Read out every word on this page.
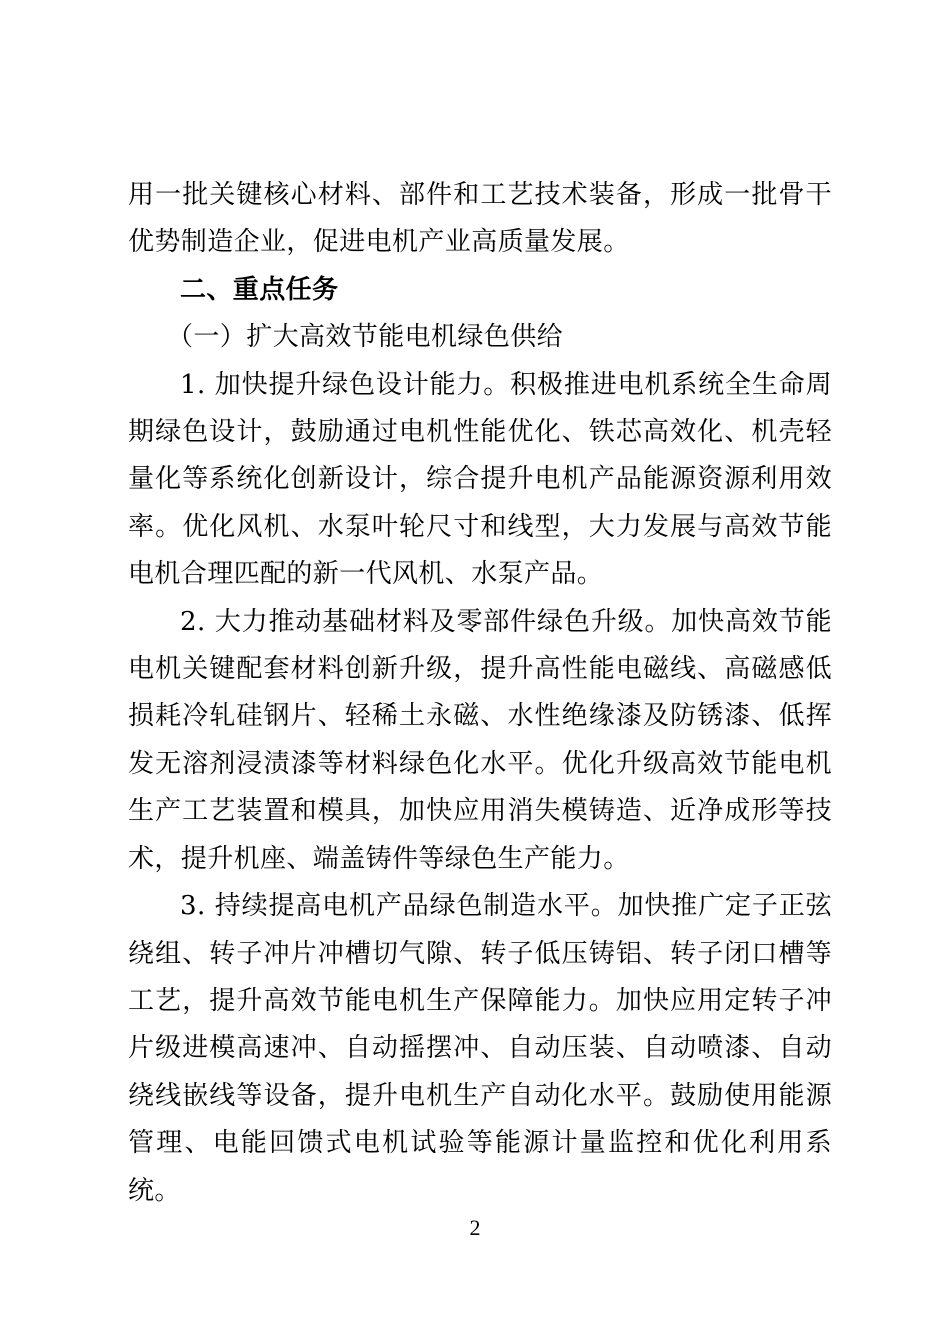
用一批关键核心材料、部件和工艺技术装备，形成一批骨干优势制造企业，促进电机产业高质量发展。

二、重点任务

（一）扩大高效节能电机绿色供给

1. 加快提升绿色设计能力。积极推进电机系统全生命周期绿色设计，鼓励通过电机性能优化、铁芯高效化、机壳轻量化等系统化创新设计，综合提升电机产品能源资源利用效率。优化风机、水泵叶轮尺寸和线型，大力发展与高效节能电机合理匹配的新一代风机、水泵产品。

2. 大力推动基础材料及零部件绿色升级。加快高效节能电机关键配套材料创新升级，提升高性能电磁线、高磁感低损耗冷轧硅钢片、轻稀土永磁、水性绝缘漆及防锈漆、低挥发无溶剂浸渍漆等材料绿色化水平。优化升级高效节能电机生产工艺装置和模具，加快应用消失模铸造、近净成形等技术，提升机座、端盖铸件等绿色生产能力。

3. 持续提高电机产品绿色制造水平。加快推广定子正弦绕组、转子冲片冲槽切气隙、转子低压铸铝、转子闭口槽等工艺，提升高效节能电机生产保障能力。加快应用定转子冲片级进模高速冲、自动摇摆冲、自动压装、自动喷漆、自动绕线嵌线等设备，提升电机生产自动化水平。鼓励使用能源管理、电能回馈式电机试验等能源计量监控和优化利用系统。

2
